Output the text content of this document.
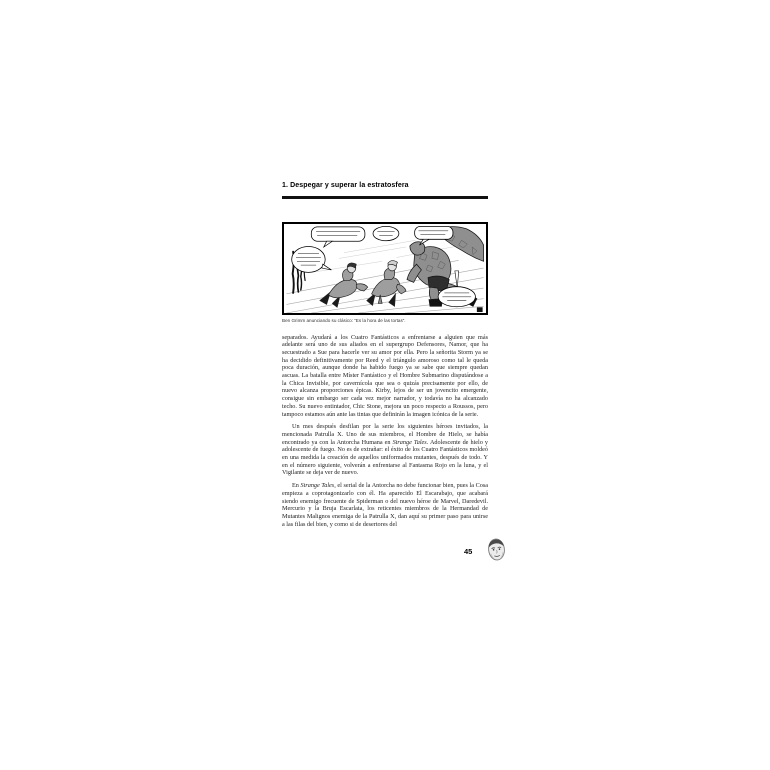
1. Despegar y superar la estratosfera
Ben Grimm anunciando su clásico: “Es la hora de las tortas”.

separados. Ayudará a los Cuatro Fantásticos a enfrentarse a alguien que más adelante será uno de sus aliados en el supergrupo Defensores, Namor, que ha secuestrado a Sue para hacerle ver su amor por ella. Pero la señorita Storm ya se ha decidido definitivamente por Reed y el triángulo amoroso como tal le queda poca duración, aunque donde ha habido fuego ya se sabe que siempre quedan ascuas. La batalla entre Míster Fantástico y el Hombre Submarino disputándose a la Chica Invisible, por cavernícola que sea o quizás precisamente por ello, de nuevo alcanza proporciones épicas. Kirby, lejos de ser un jovencito emergente, consigue sin embargo ser cada vez mejor narrador, y todavía no ha alcanzado techo. Su nuevo entintador, Chic Stone, mejora un poco respecto a Roussos, pero tampoco estamos aún ante las tintas que definirán la imagen icónica de la serie.

Un mes después desfilan por la serie los siguientes héroes invitados, la mencionada Patrulla X. Uno de sus miembros, el Hombre de Hielo, se había encontrado ya con la Antorcha Humana en Strange Tales. Adolescente de hielo y adolescente de fuego. No es de extrañar: el éxito de los Cuatro Fantásticos moldeó en una medida la creación de aquellos uniformados mutantes, después de todo. Y en el número siguiente, volverán a enfrentarse al Fantasma Rojo en la luna, y el Vigilante se deja ver de nuevo.

En Strange Tales, el serial de la Antorcha no debe funcionar bien, pues la Cosa empieza a coprotagonizarlo con él. Ha aparecido El Escarabajo, que acabará siendo enemigo frecuente de Spiderman o del nuevo héroe de Marvel, Daredevil. Mercurio y la Bruja Escarlata, los reticentes miembros de la Hermandad de Mutantes Malignos enemiga de la Patrulla X, dan aquí su primer paso para unirse a las filas del bien, y como si de desertores del

45
